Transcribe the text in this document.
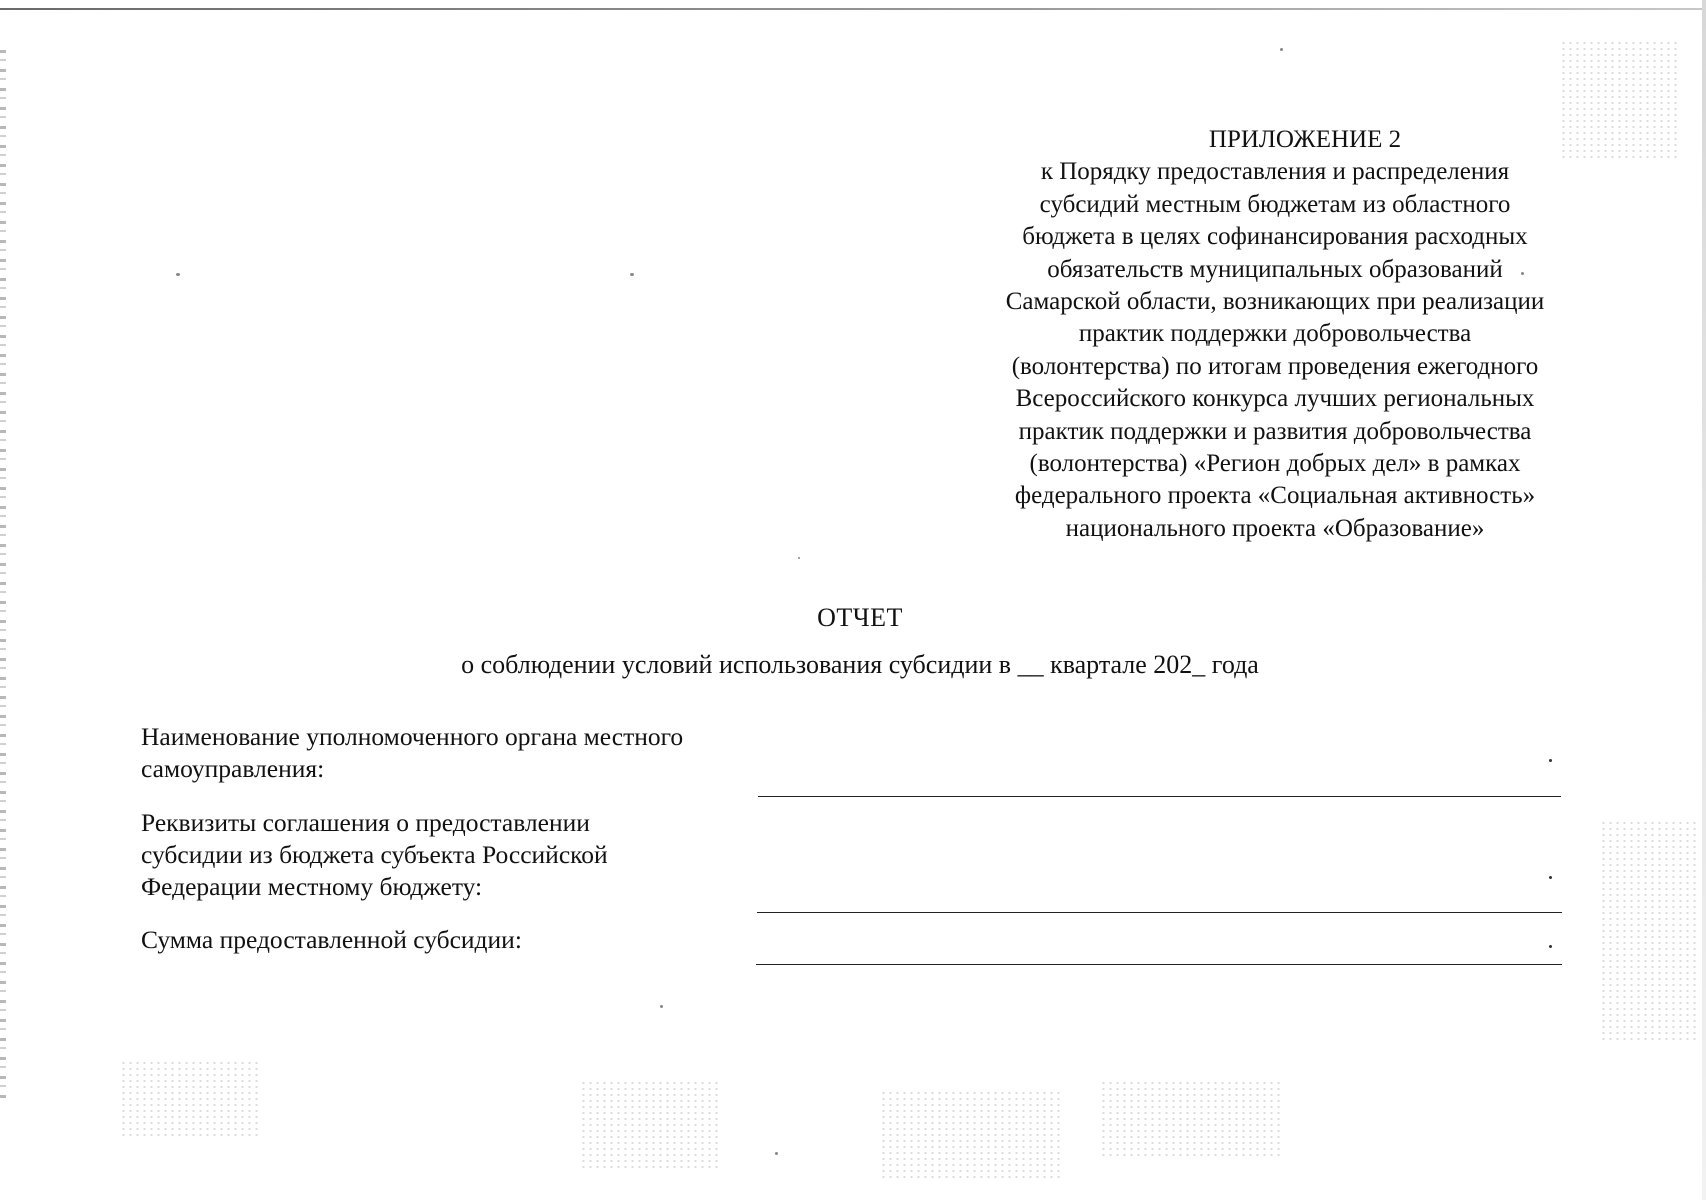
ПРИЛОЖЕНИЕ 2
к Порядку предоставления и распределения
субсидий местным бюджетам из областного
бюджета в целях софинансирования расходных
обязательств муниципальных образований
Самарской области, возникающих при реализации
практик поддержки добровольчества
(волонтерства) по итогам проведения ежегодного
Всероссийского конкурса лучших региональных
практик поддержки и развития добровольчества
(волонтерства) «Регион добрых дел» в рамках
федерального проекта «Социальная активность»
национального проекта «Образование»
ОТЧЕТ
о соблюдении условий использования субсидии в __ квартале 202_ года
Наименование уполномоченного органа местного
самоуправления:
Реквизиты соглашения о предоставлении
субсидии из бюджета субъекта Российской
Федерации местному бюджету:
Сумма предоставленной субсидии:
